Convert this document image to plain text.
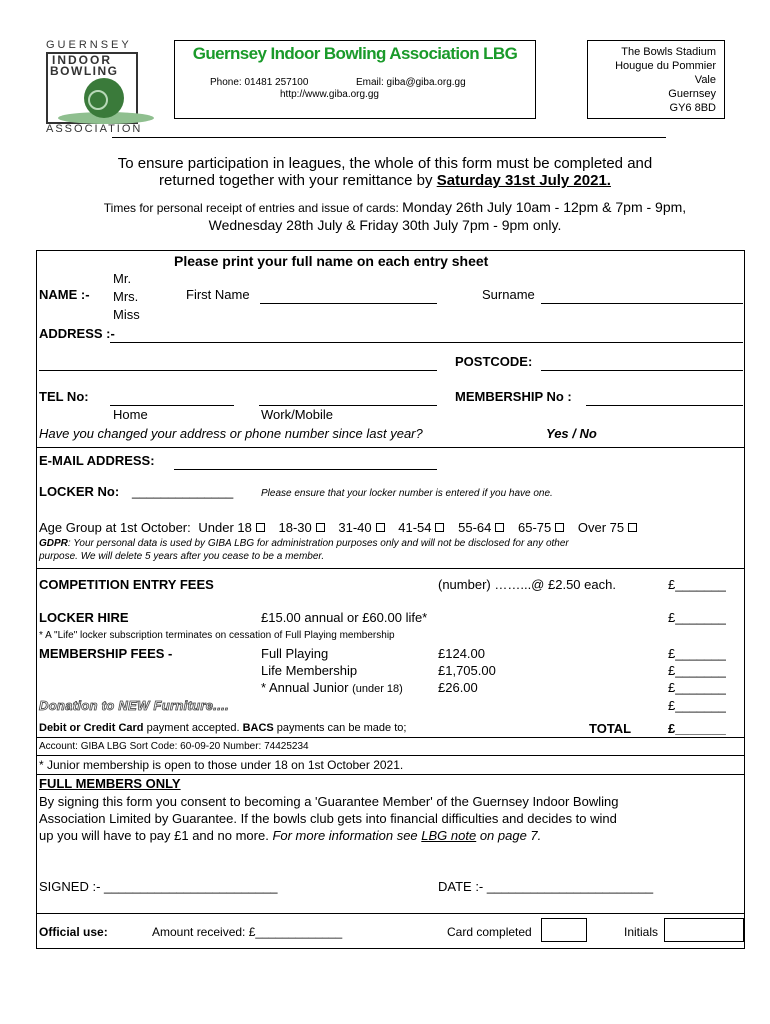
GUERNSEY
INDOOR
BOWLING
ASSOCIATION
Guernsey Indoor Bowling Association LBG
Phone: 01481 257100	Email: giba@giba.org.gg
http://www.giba.org.gg
The Bowls Stadium
Hougue du Pommier
Vale
Guernsey
GY6 8BD
To ensure participation in leagues, the whole of this form must be completed and
returned together with your remittance by Saturday 31st July 2021.
Times for personal receipt of entries and issue of cards: Monday 26th July 10am - 12pm & 7pm - 9pm,
Wednesday 28th July & Friday 30th July 7pm - 9pm only.
Please print your full name on each entry sheet
NAME :-
Mr.
Mrs.
Miss
First Name	Surname
ADDRESS :-
POSTCODE:
TEL No:	MEMBERSHIP No :
Home	Work/Mobile
Have you changed your address or phone number since last year?	Yes / No
E-MAIL ADDRESS:
LOCKER No: ______________	Please ensure that your locker number is entered if you have one.
Age Group at 1st October: Under 18 18-30 31-40 41-54 55-64 65-75 Over 75
GDPR: Your personal data is used by GIBA LBG for administration purposes only and will not be disclosed for any other
purpose. We will delete 5 years after you cease to be a member.
COMPETITION ENTRY FEES	(number) ……...@ £2.50 each.	£_______
LOCKER HIRE	£15.00 annual or £60.00 life*	£_______
* A "Life" locker subscription terminates on cessation of Full Playing membership
MEMBERSHIP FEES -	Full Playing	£124.00	£_______
Life Membership	£1,705.00	£_______
* Annual Junior (under 18)	£26.00	£_______
Donation to NEW Furniture....	£_______
Debit or Credit Card payment accepted. BACS payments can be made to;	TOTAL	£_______
Account: GIBA LBG Sort Code: 60-09-20 Number: 74425234
* Junior membership is open to those under 18 on 1st October 2021.
FULL MEMBERS ONLY
By signing this form you consent to becoming a 'Guarantee Member' of the Guernsey Indoor Bowling
Association Limited by Guarantee. If the bowls club gets into financial difficulties and decides to wind
up you will have to pay £1 and no more. For more information see LBG note on page 7.
SIGNED :- ________________________	DATE :- _______________________
Official use:	Amount received: £_____________	Card completed	Initials
